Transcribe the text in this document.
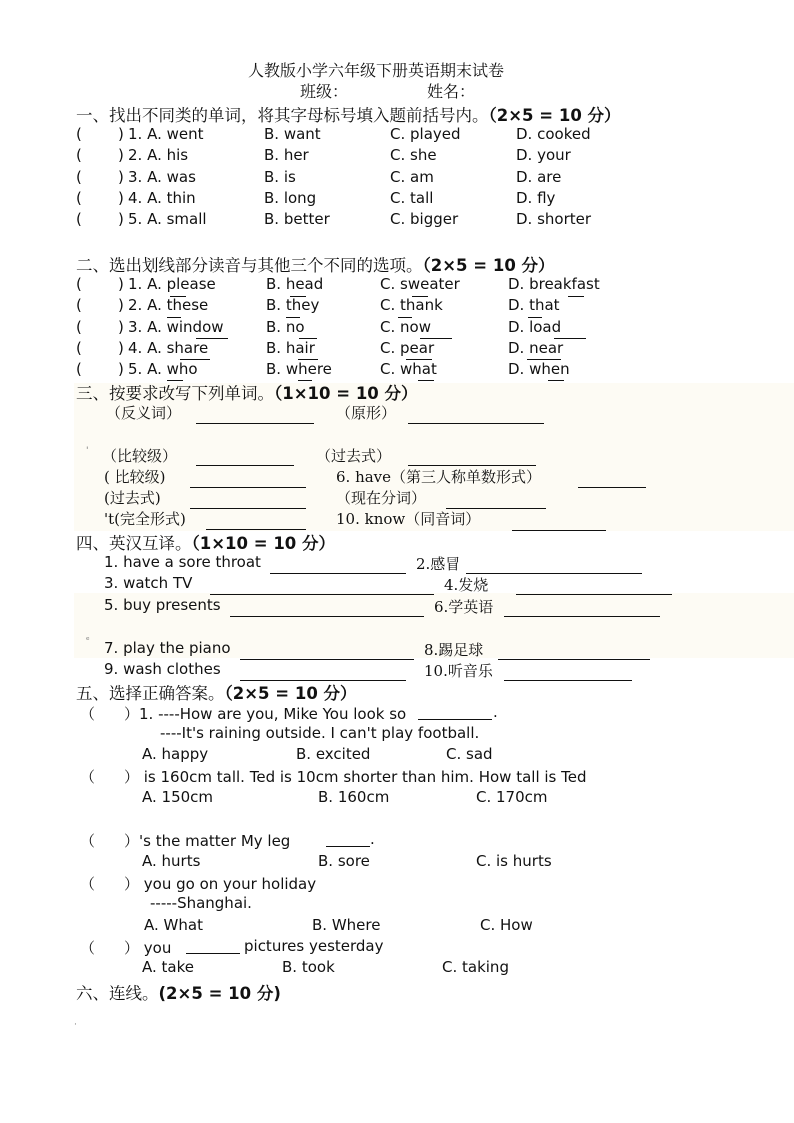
'
ᵉ
·
人教版小学六年级下册英语期末试卷
班级：	姓名：
一、找出不同类的单词，将其字母标号填入题前括号内。（2×5 = 10 分）
( ) 1. A. went	B. want	C. played	D. cooked
( ) 2. A. his	B. her	C. she	D. your
( ) 3. A. was	B. is	C. am	D. are
( ) 4. A. thin	B. long	C. tall	D. fly
( ) 5. A. small	B. better	C. bigger	D. shorter
二、选出划线部分读音与其他三个不同的选项。（2×5 = 10 分）
( ) 1. A. please	B. head	C. sweater	D. breakfast
( ) 2. A. these	B. they	C. thank	D. that
( ) 3. A. window	B. no	C. now	D. load
( ) 4. A. share	B. hair	C. pear	D. near
( ) 5. A. who	B. where	C. what	D. when
三、按要求改写下列单词。（1×10 = 10 分）
（反义词）	（原形）
（比较级）	（过去式）
( 比较级)	6. have（第三人称单数形式）
(过去式)	（现在分词）
't(完全形式)	10. know（同音词）
四、英汉互译。（1×10 = 10 分）
1. have a sore throat	2.感冒
3. watch TV	4.发烧
5. buy presents	6.学英语
7. play the piano	8.踢足球
9. wash clothes	10.听音乐
五、选择正确答案。（2×5 = 10 分）
（ ）1. ----How are you, Mike You look so	.
----It's raining outside. I can't play football.
A. happy	B. excited	C. sad
（ ） is 160cm tall. Ted is 10cm shorter than him. How tall is Ted
A. 150cm	B. 160cm	C. 170cm
（ ）'s the matter My leg	.
A. hurts	B. sore	C. is hurts
（ ） you go on your holiday
-----Shanghai.
A. What	B. Where	C. How
（ ） you	pictures yesterday
A. take	B. took	C. taking
六、连线。(2×5 = 10 分)
